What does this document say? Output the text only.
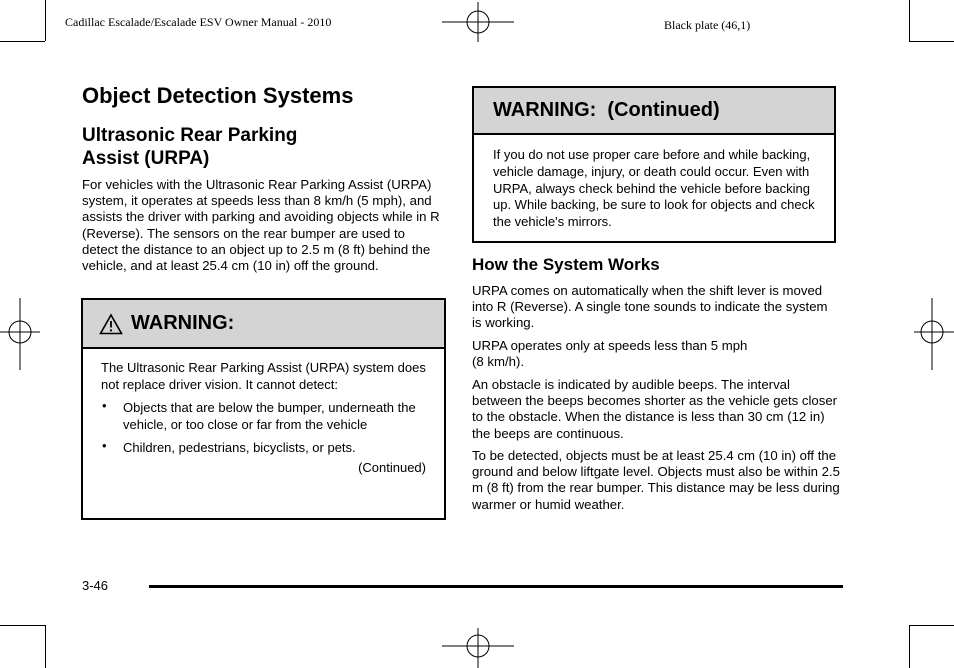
Cadillac Escalade/Escalade ESV Owner Manual - 2010	Black plate (46,1)
Object Detection Systems
Ultrasonic Rear Parking Assist (URPA)

For vehicles with the Ultrasonic Rear Parking Assist (URPA) system, it operates at speeds less than 8 km/h (5 mph), and assists the driver with parking and avoiding objects while in R (Reverse). The sensors on the rear bumper are used to detect the distance to an object up to 2.5 m (8 ft) behind the vehicle, and at least 25.4 cm (10 in) off the ground.

WARNING:
The Ultrasonic Rear Parking Assist (URPA) system does not replace driver vision. It cannot detect:
• Objects that are below the bumper, underneath the vehicle, or too close or far from the vehicle
• Children, pedestrians, bicyclists, or pets.
(Continued)
WARNING:  (Continued)
If you do not use proper care before and while backing, vehicle damage, injury, or death could occur. Even with URPA, always check behind the vehicle before backing up. While backing, be sure to look for objects and check the vehicle's mirrors.
How the System Works

URPA comes on automatically when the shift lever is moved into R (Reverse). A single tone sounds to indicate the system is working.

URPA operates only at speeds less than 5 mph (8 km/h).

An obstacle is indicated by audible beeps. The interval between the beeps becomes shorter as the vehicle gets closer to the obstacle. When the distance is less than 30 cm (12 in) the beeps are continuous.

To be detected, objects must be at least 25.4 cm (10 in) off the ground and below liftgate level. Objects must also be within 2.5 m (8 ft) from the rear bumper. This distance may be less during warmer or humid weather.

3-46
